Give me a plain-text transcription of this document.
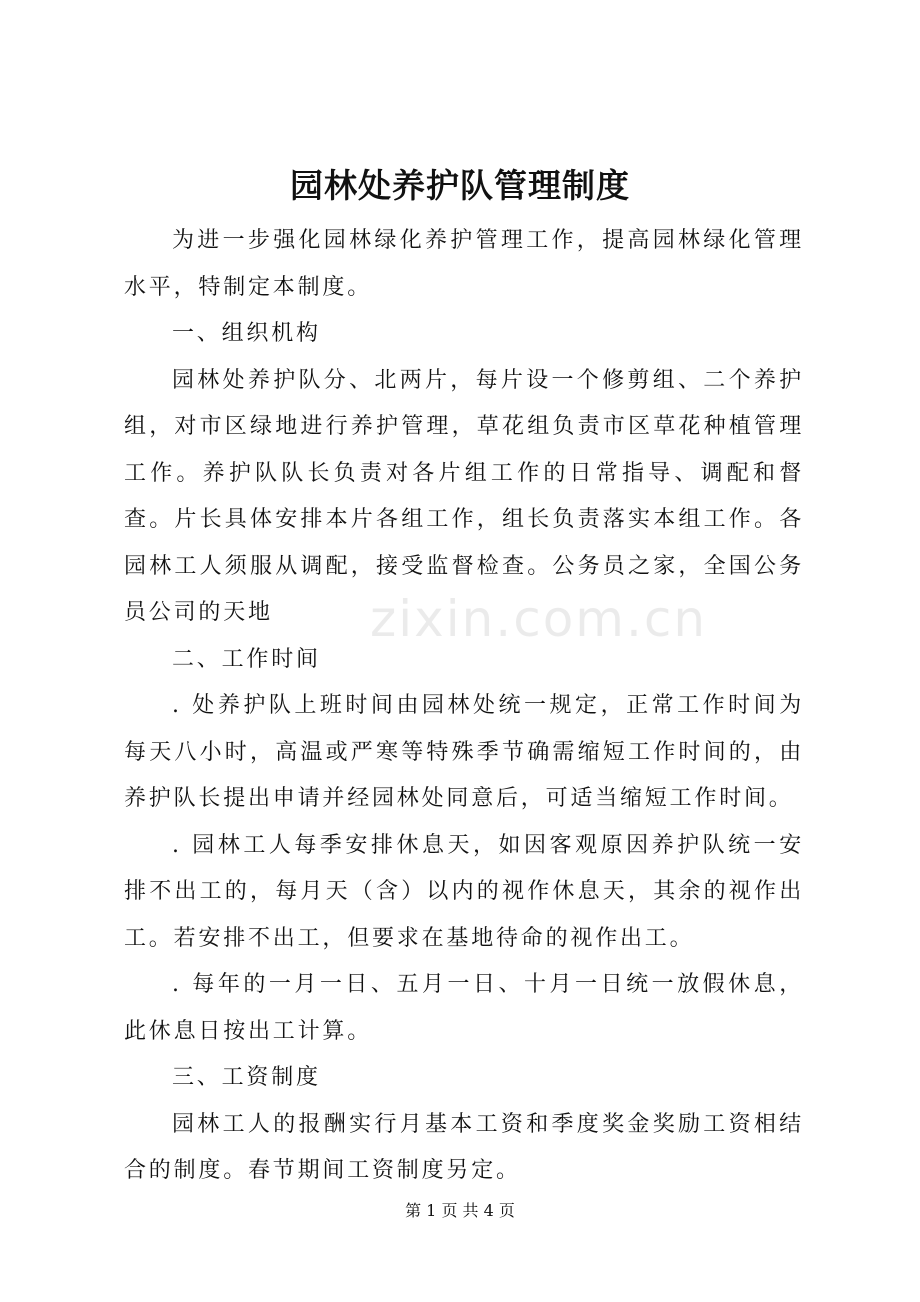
园林处养护队管理制度

为进一步强化园林绿化养护管理工作，提高园林绿化管理水平，特制定本制度。

一、组织机构

园林处养护队分、北两片，每片设一个修剪组、二个养护组，对市区绿地进行养护管理，草花组负责市区草花种植管理工作。养护队队长负责对各片组工作的日常指导、调配和督查。片长具体安排本片各组工作，组长负责落实本组工作。各园林工人须服从调配，接受监督检查。公务员之家，全国公务员公司的天地

二、工作时间

. 处养护队上班时间由园林处统一规定，正常工作时间为每天八小时，高温或严寒等特殊季节确需缩短工作时间的，由养护队长提出申请并经园林处同意后，可适当缩短工作时间。

. 园林工人每季安排休息天，如因客观原因养护队统一安排不出工的，每月天（含）以内的视作休息天，其余的视作出工。若安排不出工，但要求在基地待命的视作出工。

. 每年的一月一日、五月一日、十月一日统一放假休息，此休息日按出工计算。

三、工资制度

园林工人的报酬实行月基本工资和季度奖金奖励工资相结合的制度。春节期间工资制度另定。

zixin.com.cn
第 1 页 共 4 页
